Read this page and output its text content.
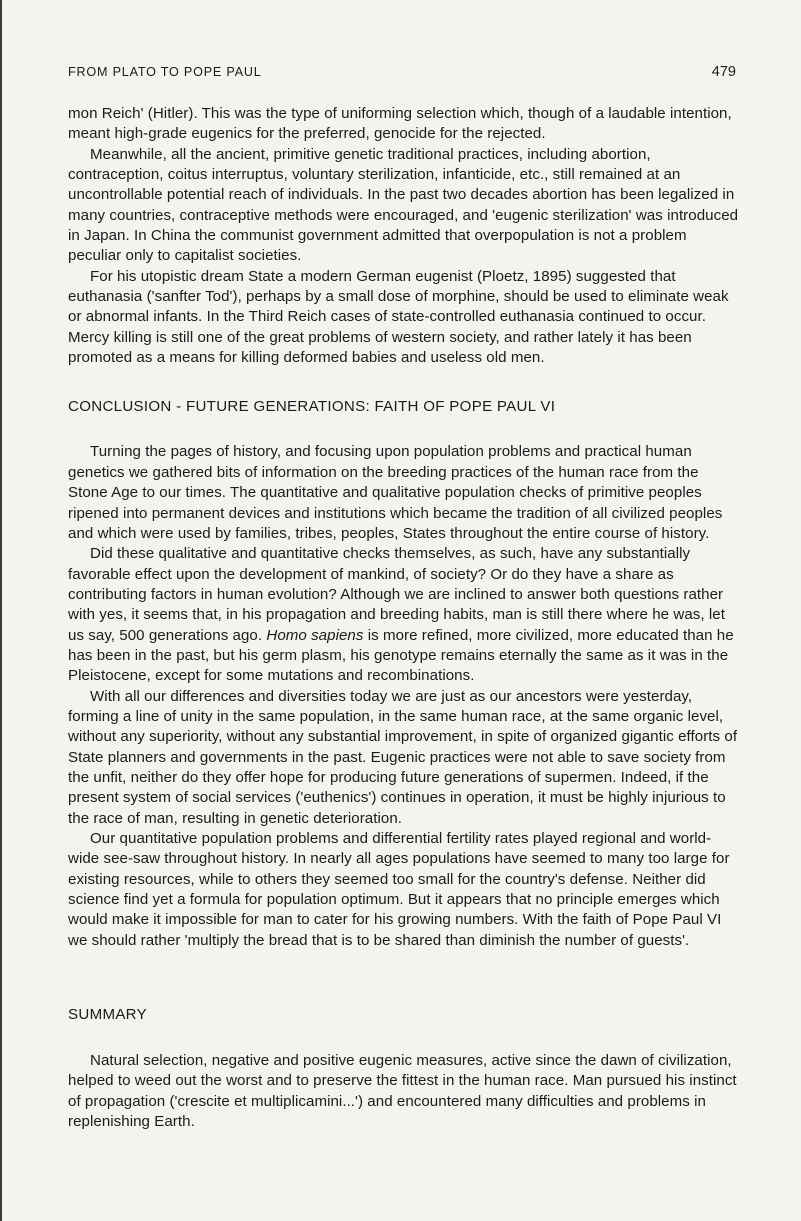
FROM PLATO TO POPE PAUL	479

mon Reich' (Hitler). This was the type of uniforming selection which, though of a laudable intention, meant high-grade eugenics for the preferred, genocide for the rejected.

Meanwhile, all the ancient, primitive genetic traditional practices, including abortion, contraception, coitus interruptus, voluntary sterilization, infanticide, etc., still remained at an uncontrollable potential reach of individuals. In the past two decades abortion has been legalized in many countries, contraceptive methods were encouraged, and 'eugenic sterilization' was introduced in Japan. In China the communist government admitted that overpopulation is not a problem peculiar only to capitalist societies.

For his utopistic dream State a modern German eugenist (Ploetz, 1895) suggested that euthanasia ('sanfter Tod'), perhaps by a small dose of morphine, should be used to eliminate weak or abnormal infants. In the Third Reich cases of state-controlled euthanasia continued to occur. Mercy killing is still one of the great problems of western society, and rather lately it has been promoted as a means for killing deformed babies and useless old men.

CONCLUSION - FUTURE GENERATIONS: FAITH OF POPE PAUL VI

Turning the pages of history, and focusing upon population problems and practical human genetics we gathered bits of information on the breeding practices of the human race from the Stone Age to our times. The quantitative and qualitative population checks of primitive peoples ripened into permanent devices and institutions which became the tradition of all civilized peoples and which were used by families, tribes, peoples, States throughout the entire course of history.

Did these qualitative and quantitative checks themselves, as such, have any substantially favorable effect upon the development of mankind, of society? Or do they have a share as contributing factors in human evolution? Although we are inclined to answer both questions rather with yes, it seems that, in his propagation and breeding habits, man is still there where he was, let us say, 500 generations ago. Homo sapiens is more refined, more civilized, more educated than he has been in the past, but his germ plasm, his genotype remains eternally the same as it was in the Pleistocene, except for some mutations and recombinations.

With all our differences and diversities today we are just as our ancestors were yesterday, forming a line of unity in the same population, in the same human race, at the same organic level, without any superiority, without any substantial improvement, in spite of organized gigantic efforts of State planners and governments in the past. Eugenic practices were not able to save society from the unfit, neither do they offer hope for producing future generations of supermen. Indeed, if the present system of social services ('euthenics') continues in operation, it must be highly injurious to the race of man, resulting in genetic deterioration.

Our quantitative population problems and differential fertility rates played regional and world-wide see-saw throughout history. In nearly all ages populations have seemed to many too large for existing resources, while to others they seemed too small for the country's defense. Neither did science find yet a formula for population optimum. But it appears that no principle emerges which would make it impossible for man to cater for his growing numbers. With the faith of Pope Paul VI we should rather 'multiply the bread that is to be shared than diminish the number of guests'.

SUMMARY

Natural selection, negative and positive eugenic measures, active since the dawn of civilization, helped to weed out the worst and to preserve the fittest in the human race. Man pursued his instinct of propagation ('crescite et multiplicamini...') and encountered many difficulties and problems in replenishing Earth.
